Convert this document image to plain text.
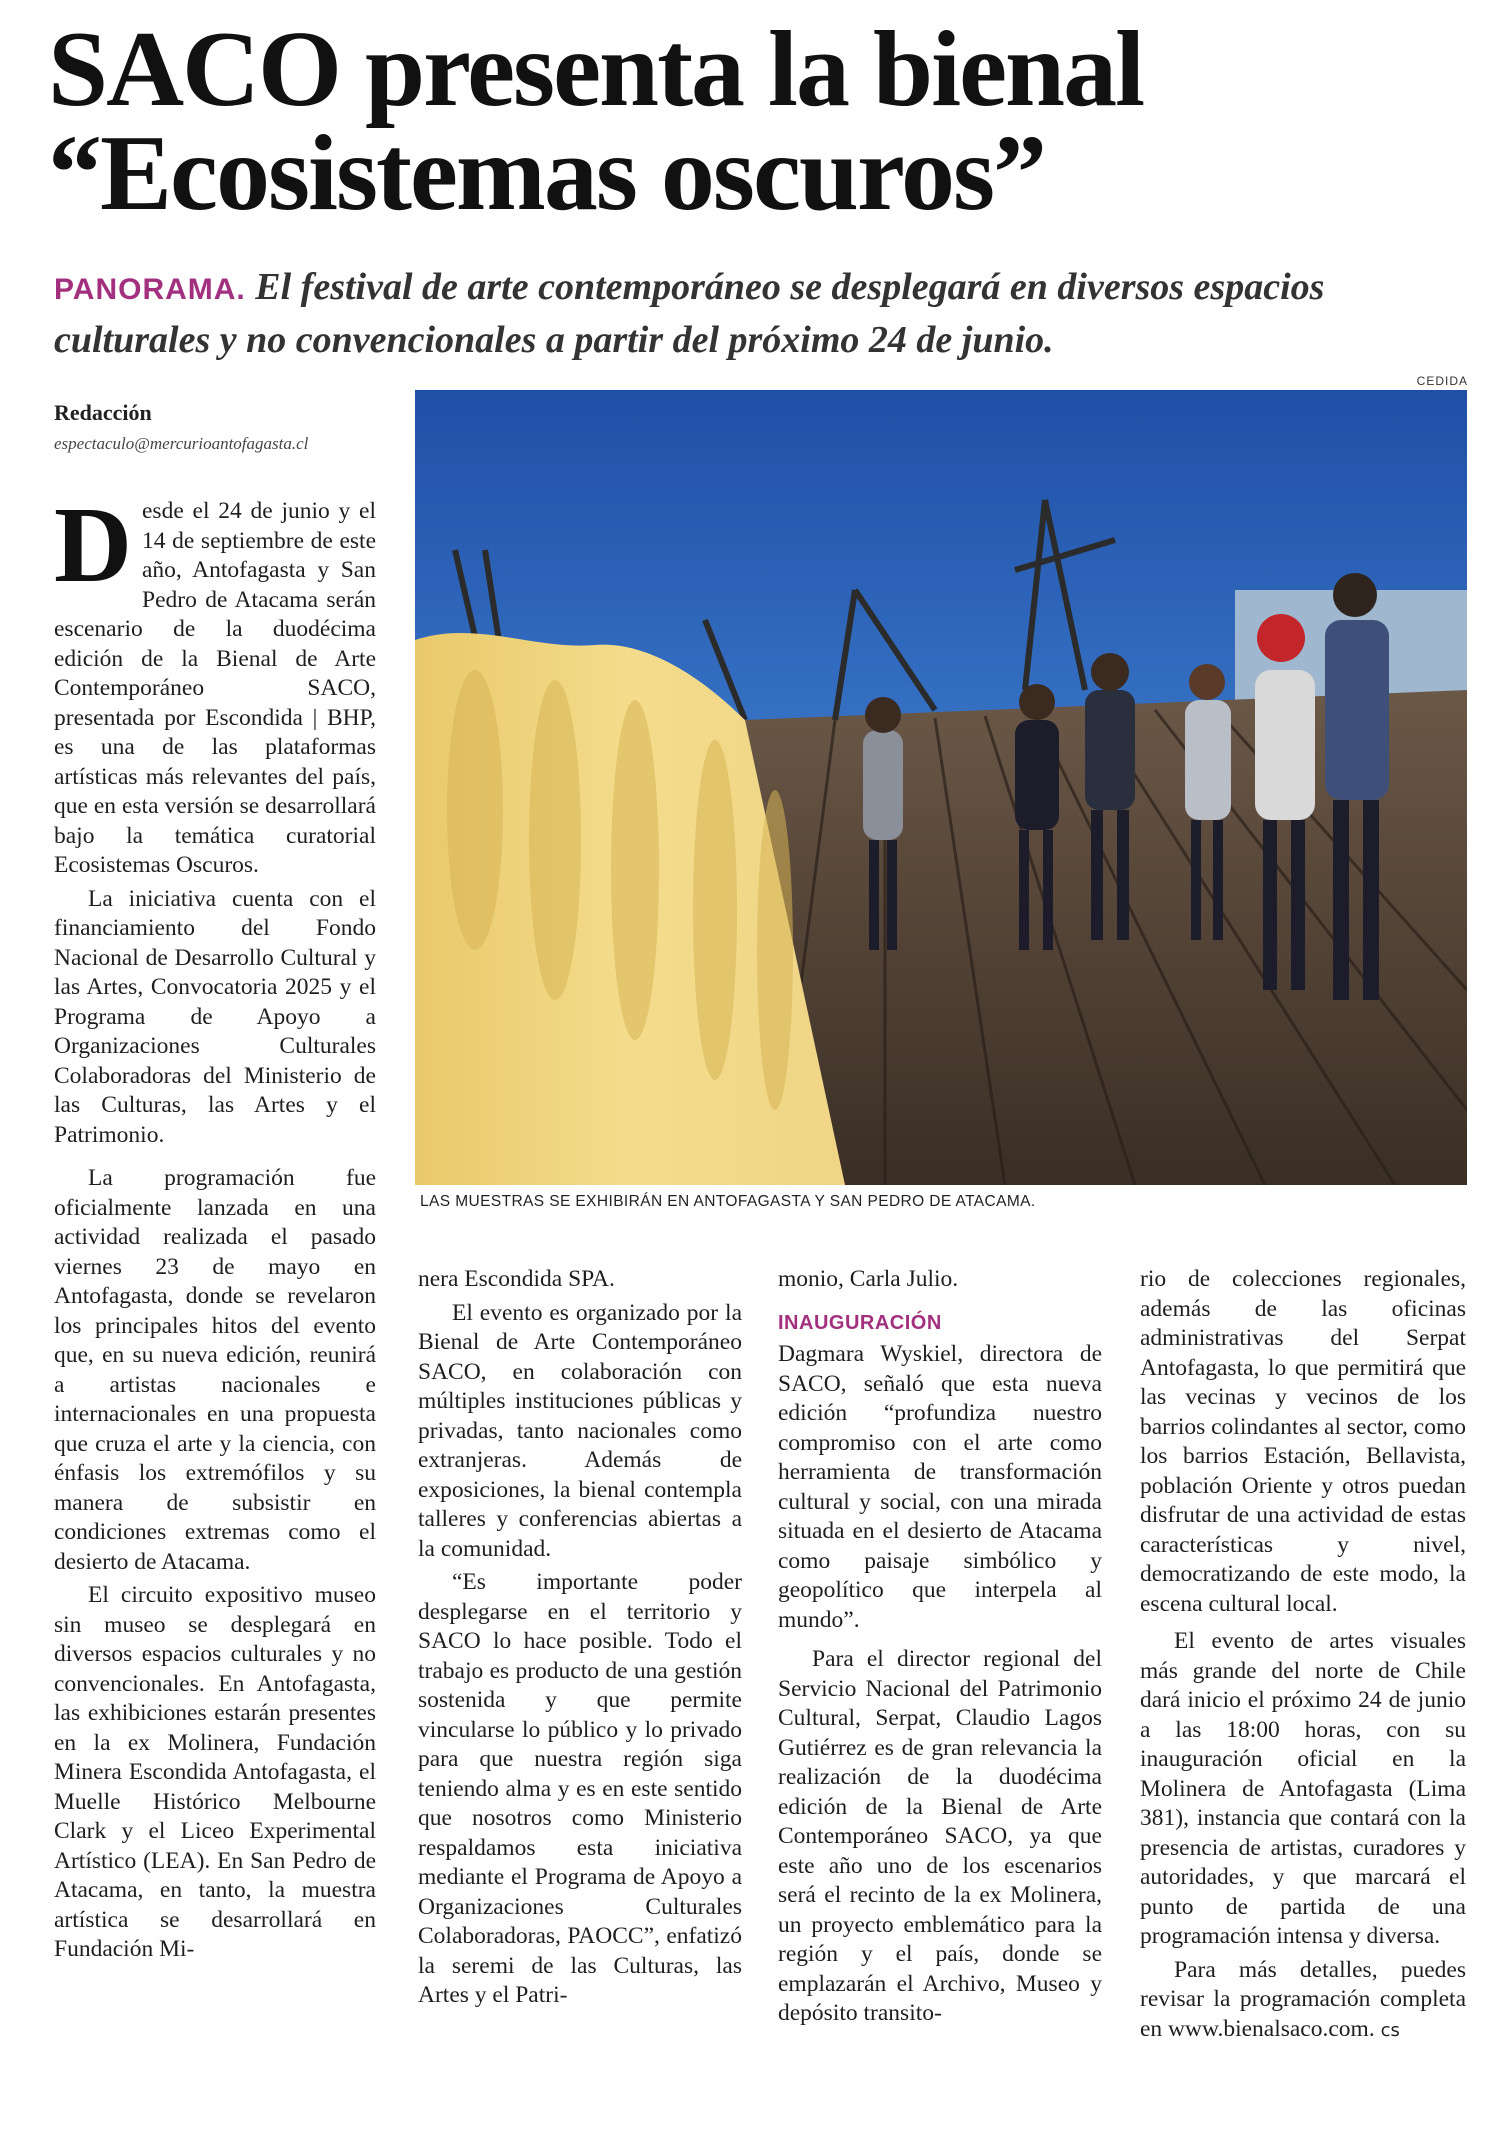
SACO presenta la bienal
“Ecosistemas oscuros”
PANORAMA. El festival de arte contemporáneo se desplegará en diversos espacios culturales y no convencionales a partir del próximo 24 de junio.
CEDIDA
Redacción
espectaculo@mercurioantofagasta.cl
LAS MUESTRAS SE EXHIBIRÁN EN ANTOFAGASTA Y SAN PEDRO DE ATACAMA.

Desde el 24 de junio y el 14 de septiembre de este año, Antofagasta y San Pedro de Atacama serán escenario de la duodécima edición de la Bienal de Arte Contemporáneo SACO, presentada por Escondida | BHP, es una de las plataformas artísticas más relevantes del país, que en esta versión se desarrollará bajo la temática curatorial Ecosistemas Oscuros.

La iniciativa cuenta con el financiamiento del Fondo Nacional de Desarrollo Cultural y las Artes, Convocatoria 2025 y el Programa de Apoyo a Organizaciones Culturales Colaboradoras del Ministerio de las Culturas, las Artes y el Patrimonio.

La programación fue oficialmente lanzada en una actividad realizada el pasado viernes 23 de mayo en Antofagasta, donde se revelaron los principales hitos del evento que, en su nueva edición, reunirá a artistas nacionales e internacionales en una propuesta que cruza el arte y la ciencia, con énfasis los extremófilos y su manera de subsistir en condiciones extremas como el desierto de Atacama.

El circuito expositivo museo sin museo se desplegará en diversos espacios culturales y no convencionales. En Antofagasta, las exhibiciones estarán presentes en la ex Molinera, Fundación Minera Escondida Antofagasta, el Muelle Histórico Melbourne Clark y el Liceo Experimental Artístico (LEA). En San Pedro de Atacama, en tanto, la muestra artística se desarrollará en Fundación Mi-

nera Escondida SPA.

El evento es organizado por la Bienal de Arte Contemporáneo SACO, en colaboración con múltiples instituciones públicas y privadas, tanto nacionales como extranjeras. Además de exposiciones, la bienal contempla talleres y conferencias abiertas a la comunidad.

“Es importante poder desplegarse en el territorio y SACO lo hace posible. Todo el trabajo es producto de una gestión sostenida y que permite vincularse lo público y lo privado para que nuestra región siga teniendo alma y es en este sentido que nosotros como Ministerio respaldamos esta iniciativa mediante el Programa de Apoyo a Organizaciones Culturales Colaboradoras, PAOCC”, enfatizó la seremi de las Culturas, las Artes y el Patri-

monio, Carla Julio.

INAUGURACIÓN

Dagmara Wyskiel, directora de SACO, señaló que esta nueva edición “profundiza nuestro compromiso con el arte como herramienta de transformación cultural y social, con una mirada situada en el desierto de Atacama como paisaje simbólico y geopolítico que interpela al mundo”.

Para el director regional del Servicio Nacional del Patrimonio Cultural, Serpat, Claudio Lagos Gutiérrez es de gran relevancia la realización de la duodécima edición de la Bienal de Arte Contemporáneo SACO, ya que este año uno de los escenarios será el recinto de la ex Molinera, un proyecto emblemático para la región y el país, donde se emplazarán el Archivo, Museo y depósito transito-

rio de colecciones regionales, además de las oficinas administrativas del Serpat Antofagasta, lo que permitirá que las vecinas y vecinos de los barrios colindantes al sector, como los barrios Estación, Bellavista, población Oriente y otros puedan disfrutar de una actividad de estas características y nivel, democratizando de este modo, la escena cultural local.

El evento de artes visuales más grande del norte de Chile dará inicio el próximo 24 de junio a las 18:00 horas, con su inauguración oficial en la Molinera de Antofagasta (Lima 381), instancia que contará con la presencia de artistas, curadores y autoridades, y que marcará el punto de partida de una programación intensa y diversa.

Para más detalles, puedes revisar la programación completa en www.bienalsaco.com. cs
